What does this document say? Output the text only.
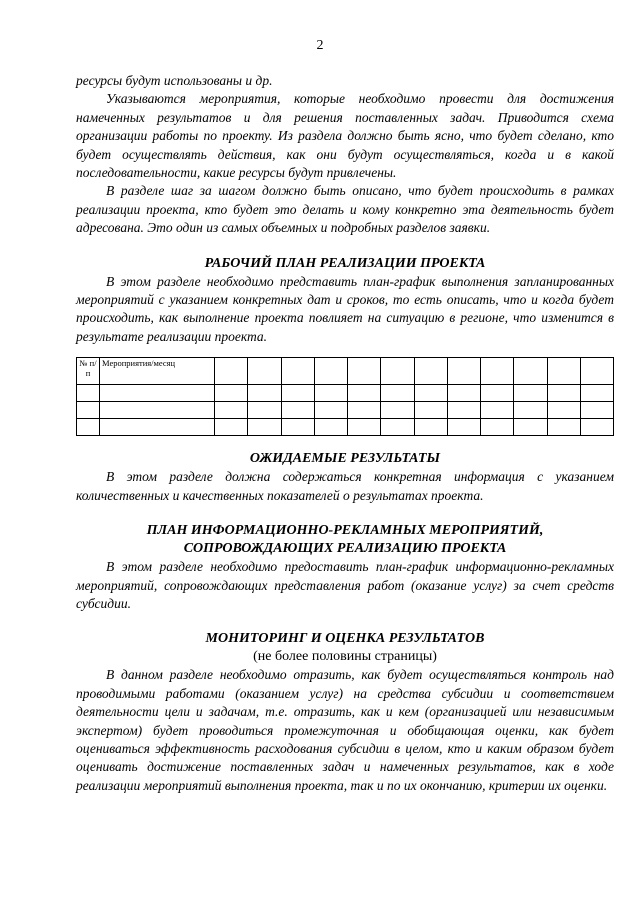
2

ресурсы будут использованы и др.

Указываются мероприятия, которые необходимо провести для достижения намеченных результатов и для решения поставленных задач. Приводится схема организации работы по проекту. Из раздела должно быть ясно, что будет сделано, кто будет осуществлять действия, как они будут осуществляться, когда и в какой последовательности, какие ресурсы будут привлечены.

В разделе шаг за шагом должно быть описано, что будет происходить в рамках реализации проекта, кто будет это делать и кому конкретно эта деятельность будет адресована. Это один из самых объемных и подробных разделов заявки.

РАБОЧИЙ ПЛАН РЕАЛИЗАЦИИ ПРОЕКТА

В этом разделе необходимо представить план-график выполнения запланированных мероприятий с указанием конкретных дат и сроков, то есть описать, что и когда будет происходить, как выполнение проекта повлияет на ситуацию в регионе, что изменится в результате реализации проекта.

№ п/п	Мероприятия/месяц												

ОЖИДАЕМЫЕ РЕЗУЛЬТАТЫ

В этом разделе должна содержаться конкретная информация с указанием количественных и качественных показателей о результатах проекта.

ПЛАН ИНФОРМАЦИОННО-РЕКЛАМНЫХ МЕРОПРИЯТИЙ,
СОПРОВОЖДАЮЩИХ РЕАЛИЗАЦИЮ ПРОЕКТА

В этом разделе необходимо предоставить план-график информационно-рекламных мероприятий, сопровождающих представления работ (оказание услуг) за счет средств субсидии.

МОНИТОРИНГ И ОЦЕНКА РЕЗУЛЬТАТОВ
(не более половины страницы)

В данном разделе необходимо отразить, как будет осуществляться контроль над проводимыми работами (оказанием услуг) на средства субсидии и соответствием деятельности цели и задачам, т.е. отразить, как и кем (организацией или независимым экспертом) будет проводиться промежуточная и обобщающая оценки, как будет оцениваться эффективность расходования субсидии в целом, кто и каким образом будет оценивать достижение поставленных задач и намеченных результатов, как в ходе реализации мероприятий выполнения проекта, так и по их окончанию, критерии их оценки.
